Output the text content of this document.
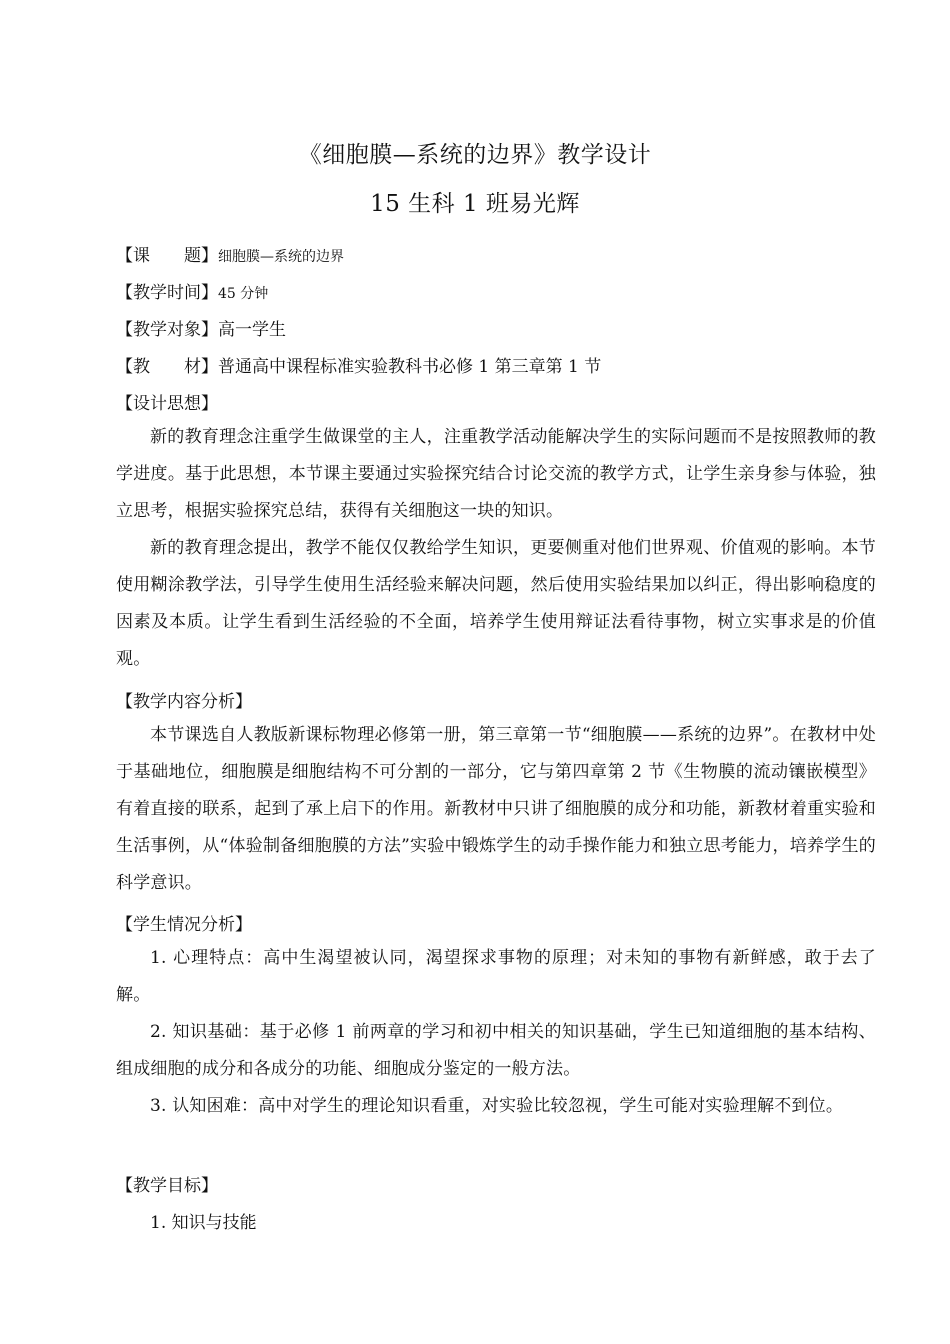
《细胞膜—系统的边界》教学设计
15 生科 1 班易光辉
【课　　题】细胞膜—系统的边界
【教学时间】45 分钟
【教学对象】高一学生
【教　　材】普通高中课程标准实验教科书必修 1 第三章第 1 节
【设计思想】
新的教育理念注重学生做课堂的主人，注重教学活动能解决学生的实际问题而不是按照教师的教学进度。基于此思想，本节课主要通过实验探究结合讨论交流的教学方式，让学生亲身参与体验，独立思考，根据实验探究总结，获得有关细胞这一块的知识。
新的教育理念提出，教学不能仅仅教给学生知识，更要侧重对他们世界观、价值观的影响。本节使用糊涂教学法，引导学生使用生活经验来解决问题，然后使用实验结果加以纠正，得出影响稳度的因素及本质。让学生看到生活经验的不全面，培养学生使用辩证法看待事物，树立实事求是的价值观。
【教学内容分析】
本节课选自人教版新课标物理必修第一册，第三章第一节“细胞膜——系统的边界”。在教材中处于基础地位，细胞膜是细胞结构不可分割的一部分，它与第四章第 2 节《生物膜的流动镶嵌模型》有着直接的联系，起到了承上启下的作用。新教材中只讲了细胞膜的成分和功能，新教材着重实验和生活事例，从“体验制备细胞膜的方法”实验中锻炼学生的动手操作能力和独立思考能力，培养学生的科学意识。
【学生情况分析】
1. 心理特点：高中生渴望被认同，渴望探求事物的原理；对未知的事物有新鲜感，敢于去了解。
2. 知识基础：基于必修 1 前两章的学习和初中相关的知识基础，学生已知道细胞的基本结构、组成细胞的成分和各成分的功能、细胞成分鉴定的一般方法。
3. 认知困难：高中对学生的理论知识看重，对实验比较忽视，学生可能对实验理解不到位。
【教学目标】
1. 知识与技能
